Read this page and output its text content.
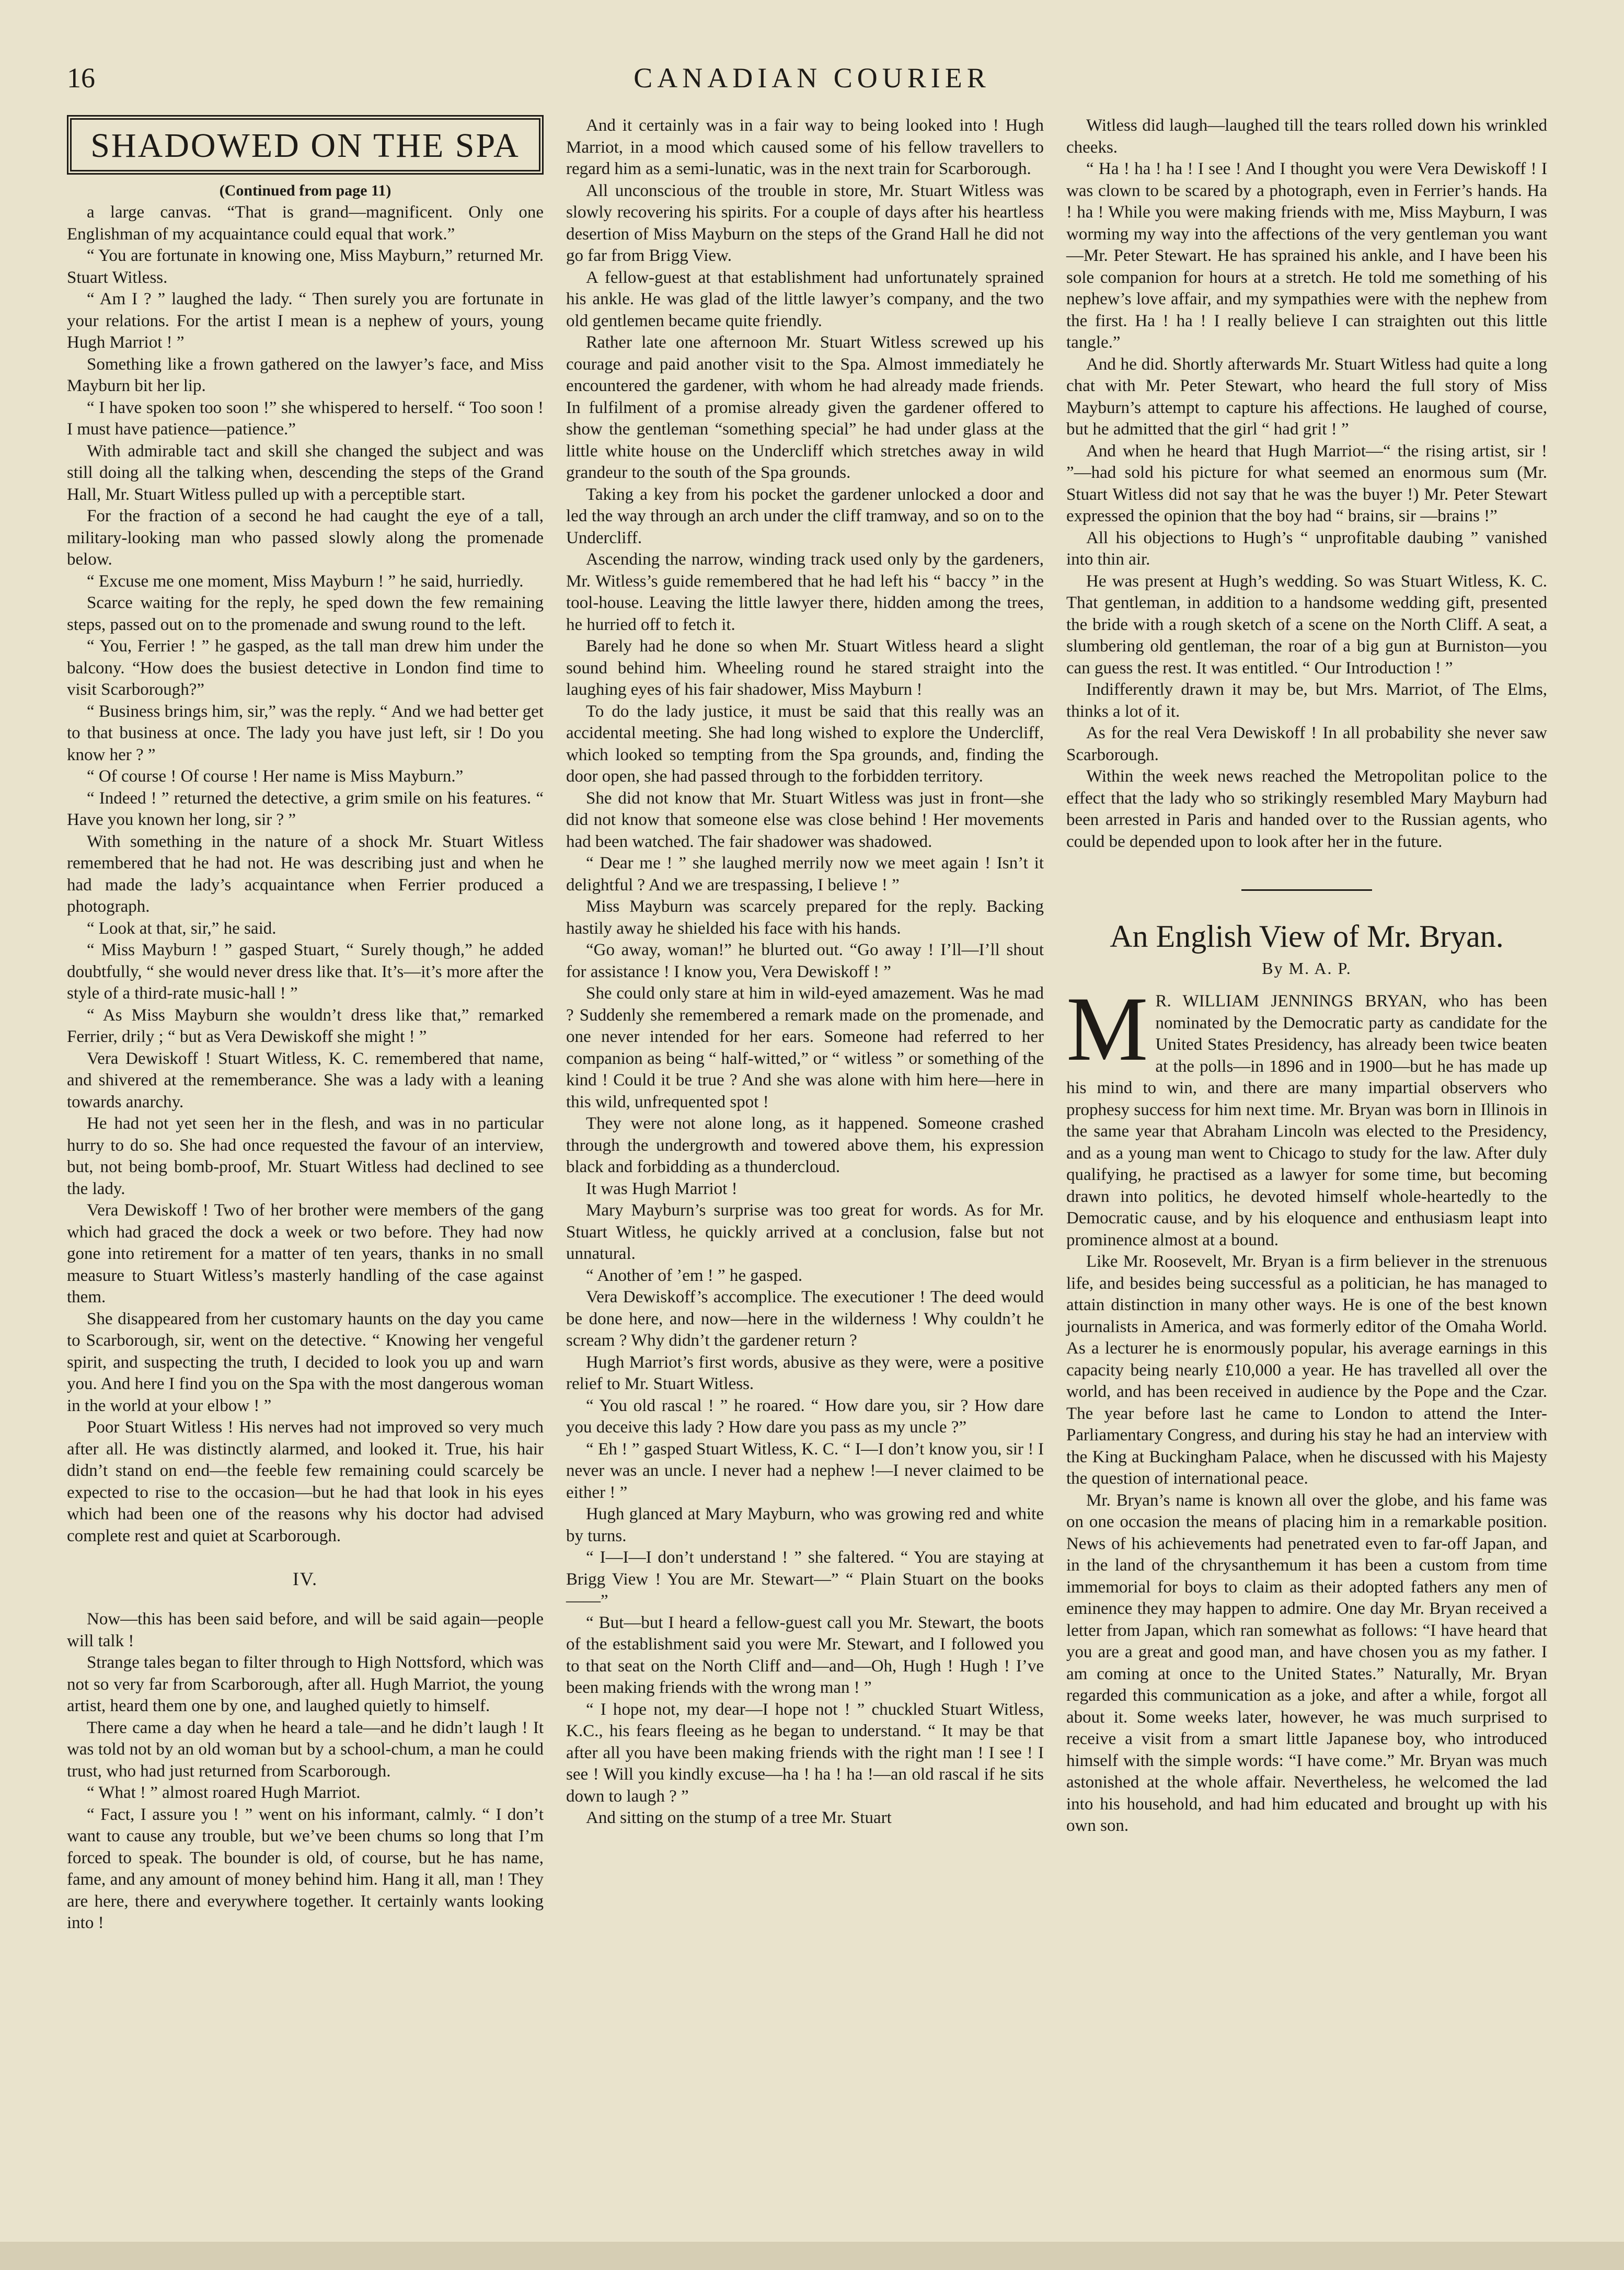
16	CANADIAN COURIER
SHADOWED ON THE SPA
(Continued from page 11)

a large canvas. “That is grand—magnificent. Only one Englishman of my acquaintance could equal that work.”

“ You are fortunate in knowing one, Miss Mayburn,” returned Mr. Stuart Witless.

“ Am I ? ” laughed the lady. “ Then surely you are fortunate in your relations. For the artist I mean is a nephew of yours, young Hugh Marriot ! ”

Something like a frown gathered on the lawyer’s face, and Miss Mayburn bit her lip.

“ I have spoken too soon !” she whispered to herself. “ Too soon ! I must have patience—patience.”

With admirable tact and skill she changed the subject and was still doing all the talking when, descending the steps of the Grand Hall, Mr. Stuart Witless pulled up with a perceptible start.

For the fraction of a second he had caught the eye of a tall, military-looking man who passed slowly along the promenade below.

“ Excuse me one moment, Miss Mayburn ! ” he said, hurriedly.

Scarce waiting for the reply, he sped down the few remaining steps, passed out on to the promenade and swung round to the left.

“ You, Ferrier ! ” he gasped, as the tall man drew him under the balcony. “How does the busiest detective in London find time to visit Scarborough?”

“ Business brings him, sir,” was the reply. “ And we had better get to that business at once. The lady you have just left, sir ! Do you know her ? ”

“ Of course ! Of course ! Her name is Miss Mayburn.”

“ Indeed ! ” returned the detective, a grim smile on his features. “ Have you known her long, sir ? ”

With something in the nature of a shock Mr. Stuart Witless remembered that he had not. He was describing just and when he had made the lady’s acquaintance when Ferrier produced a photograph.

“ Look at that, sir,” he said.

“ Miss Mayburn ! ” gasped Stuart, “ Surely though,” he added doubtfully, “ she would never dress like that. It’s—it’s more after the style of a third-rate music-hall ! ”

“ As Miss Mayburn she wouldn’t dress like that,” remarked Ferrier, drily ; “ but as Vera Dewiskoff she might ! ”

Vera Dewiskoff ! Stuart Witless, K. C. remembered that name, and shivered at the rememberance. She was a lady with a leaning towards anarchy.

He had not yet seen her in the flesh, and was in no particular hurry to do so. She had once requested the favour of an interview, but, not being bomb-proof, Mr. Stuart Witless had declined to see the lady.

Vera Dewiskoff ! Two of her brother were members of the gang which had graced the dock a week or two before. They had now gone into retirement for a matter of ten years, thanks in no small measure to Stuart Witless’s masterly handling of the case against them.

She disappeared from her customary haunts on the day you came to Scarborough, sir, went on the detective. “ Knowing her vengeful spirit, and suspecting the truth, I decided to look you up and warn you. And here I find you on the Spa with the most dangerous woman in the world at your elbow ! ”

Poor Stuart Witless ! His nerves had not improved so very much after all. He was distinctly alarmed, and looked it. True, his hair didn’t stand on end—the feeble few remaining could scarcely be expected to rise to the occasion—but he had that look in his eyes which had been one of the reasons why his doctor had advised complete rest and quiet at Scarborough.

IV.

Now—this has been said before, and will be said again—people will talk !

Strange tales began to filter through to High Nottsford, which was not so very far from Scarborough, after all. Hugh Marriot, the young artist, heard them one by one, and laughed quietly to himself.

There came a day when he heard a tale—and he didn’t laugh ! It was told not by an old woman but by a school-chum, a man he could trust, who had just returned from Scarborough.

“ What ! ” almost roared Hugh Marriot.

“ Fact, I assure you ! ” went on his informant, calmly. “ I don’t want to cause any trouble, but we’ve been chums so long that I’m forced to speak. The bounder is old, of course, but he has name, fame, and any amount of money behind him. Hang it all, man ! They are here, there and everywhere together. It certainly wants looking into !

And it certainly was in a fair way to being looked into ! Hugh Marriot, in a mood which caused some of his fellow travellers to regard him as a semi-lunatic, was in the next train for Scarborough.

All unconscious of the trouble in store, Mr. Stuart Witless was slowly recovering his spirits. For a couple of days after his heartless desertion of Miss Mayburn on the steps of the Grand Hall he did not go far from Brigg View.

A fellow-guest at that establishment had unfortunately sprained his ankle. He was glad of the little lawyer’s company, and the two old gentlemen became quite friendly.

Rather late one afternoon Mr. Stuart Witless screwed up his courage and paid another visit to the Spa. Almost immediately he encountered the gardener, with whom he had already made friends. In fulfilment of a promise already given the gardener offered to show the gentleman “something special” he had under glass at the little white house on the Undercliff which stretches away in wild grandeur to the south of the Spa grounds.

Taking a key from his pocket the gardener unlocked a door and led the way through an arch under the cliff tramway, and so on to the Undercliff.

Ascending the narrow, winding track used only by the gardeners, Mr. Witless’s guide remembered that he had left his “ baccy ” in the tool-house. Leaving the little lawyer there, hidden among the trees, he hurried off to fetch it.

Barely had he done so when Mr. Stuart Witless heard a slight sound behind him. Wheeling round he stared straight into the laughing eyes of his fair shadower, Miss Mayburn !

To do the lady justice, it must be said that this really was an accidental meeting. She had long wished to explore the Undercliff, which looked so tempting from the Spa grounds, and, finding the door open, she had passed through to the forbidden territory.

She did not know that Mr. Stuart Witless was just in front—she did not know that someone else was close behind ! Her movements had been watched. The fair shadower was shadowed.

“ Dear me ! ” she laughed merrily now we meet again ! Isn’t it delightful ? And we are trespassing, I believe ! ”

Miss Mayburn was scarcely prepared for the reply. Backing hastily away he shielded his face with his hands.

“Go away, woman!” he blurted out. “Go away ! I’ll—I’ll shout for assistance ! I know you, Vera Dewiskoff ! ”

She could only stare at him in wild-eyed amazement. Was he mad ? Suddenly she remembered a remark made on the promenade, and one never intended for her ears. Someone had referred to her companion as being “ half-witted,” or “ witless ” or something of the kind ! Could it be true ? And she was alone with him here—here in this wild, unfrequented spot !

They were not alone long, as it happened. Someone crashed through the undergrowth and towered above them, his expression black and forbidding as a thundercloud.

It was Hugh Marriot !

Mary Mayburn’s surprise was too great for words. As for Mr. Stuart Witless, he quickly arrived at a conclusion, false but not unnatural.

“ Another of ’em ! ” he gasped.

Vera Dewiskoff’s accomplice. The executioner ! The deed would be done here, and now—here in the wilderness ! Why couldn’t he scream ? Why didn’t the gardener return ?

Hugh Marriot’s first words, abusive as they were, were a positive relief to Mr. Stuart Witless.

“ You old rascal ! ” he roared. “ How dare you, sir ? How dare you deceive this lady ? How dare you pass as my uncle ?”

“ Eh ! ” gasped Stuart Witless, K. C. “ I—I don’t know you, sir ! I never was an uncle. I never had a nephew !—I never claimed to be either ! ”

Hugh glanced at Mary Mayburn, who was growing red and white by turns.

“ I—I—I don’t understand ! ” she faltered. “ You are staying at Brigg View ! You are Mr. Stewart—” “ Plain Stuart on the books——”

“ But—but I heard a fellow-guest call you Mr. Stewart, the boots of the establishment said you were Mr. Stewart, and I followed you to that seat on the North Cliff and—and—Oh, Hugh ! Hugh ! I’ve been making friends with the wrong man ! ”

“ I hope not, my dear—I hope not ! ” chuckled Stuart Witless, K.C., his fears fleeing as he began to understand. “ It may be that after all you have been making friends with the right man ! I see ! I see ! Will you kindly excuse—ha ! ha ! ha !—an old rascal if he sits down to laugh ? ”

And sitting on the stump of a tree Mr. Stuart

Witless did laugh—laughed till the tears rolled down his wrinkled cheeks.

“ Ha ! ha ! ha ! I see ! And I thought you were Vera Dewiskoff ! I was clown to be scared by a photograph, even in Ferrier’s hands. Ha ! ha ! While you were making friends with me, Miss Mayburn, I was worming my way into the affections of the very gentleman you want—Mr. Peter Stewart. He has sprained his ankle, and I have been his sole companion for hours at a stretch. He told me something of his nephew’s love affair, and my sympathies were with the nephew from the first. Ha ! ha ! I really believe I can straighten out this little tangle.”

And he did. Shortly afterwards Mr. Stuart Witless had quite a long chat with Mr. Peter Stewart, who heard the full story of Miss Mayburn’s attempt to capture his affections. He laughed of course, but he admitted that the girl “ had grit ! ”

And when he heard that Hugh Marriot—“ the rising artist, sir ! ”—had sold his picture for what seemed an enormous sum (Mr. Stuart Witless did not say that he was the buyer !) Mr. Peter Stewart expressed the opinion that the boy had “ brains, sir —brains !”

All his objections to Hugh’s “ unprofitable daubing ” vanished into thin air.

He was present at Hugh’s wedding. So was Stuart Witless, K. C. That gentleman, in addition to a handsome wedding gift, presented the bride with a rough sketch of a scene on the North Cliff. A seat, a slumbering old gentleman, the roar of a big gun at Burniston—you can guess the rest. It was entitled. “ Our Introduction ! ”

Indifferently drawn it may be, but Mrs. Marriot, of The Elms, thinks a lot of it.

As for the real Vera Dewiskoff ! In all probability she never saw Scarborough.

Within the week news reached the Metropolitan police to the effect that the lady who so strikingly resembled Mary Mayburn had been arrested in Paris and handed over to the Russian agents, who could be depended upon to look after her in the future.

An English View of Mr. Bryan.
By M. A. P.

M R. WILLIAM JENNINGS BRYAN, who has been nominated by the Democratic party as candidate for the United States Presidency, has already been twice beaten at the polls—in 1896 and in 1900—but he has made up his mind to win, and there are many impartial observers who prophesy success for him next time. Mr. Bryan was born in Illinois in the same year that Abraham Lincoln was elected to the Presidency, and as a young man went to Chicago to study for the law. After duly qualifying, he practised as a lawyer for some time, but becoming drawn into politics, he devoted himself whole-heartedly to the Democratic cause, and by his eloquence and enthusiasm leapt into prominence almost at a bound.

Like Mr. Roosevelt, Mr. Bryan is a firm believer in the strenuous life, and besides being successful as a politician, he has managed to attain distinction in many other ways. He is one of the best known journalists in America, and was formerly editor of the Omaha World. As a lecturer he is enormously popular, his average earnings in this capacity being nearly £10,000 a year. He has travelled all over the world, and has been received in audience by the Pope and the Czar. The year before last he came to London to attend the Inter-Parliamentary Congress, and during his stay he had an interview with the King at Buckingham Palace, when he discussed with his Majesty the question of international peace.

Mr. Bryan’s name is known all over the globe, and his fame was on one occasion the means of placing him in a remarkable position. News of his achievements had penetrated even to far-off Japan, and in the land of the chrysanthemum it has been a custom from time immemorial for boys to claim as their adopted fathers any men of eminence they may happen to admire. One day Mr. Bryan received a letter from Japan, which ran somewhat as follows: “I have heard that you are a great and good man, and have chosen you as my father. I am coming at once to the United States.” Naturally, Mr. Bryan regarded this communication as a joke, and after a while, forgot all about it. Some weeks later, however, he was much surprised to receive a visit from a smart little Japanese boy, who introduced himself with the simple words: “I have come.” Mr. Bryan was much astonished at the whole affair. Nevertheless, he welcomed the lad into his household, and had him educated and brought up with his own son.
